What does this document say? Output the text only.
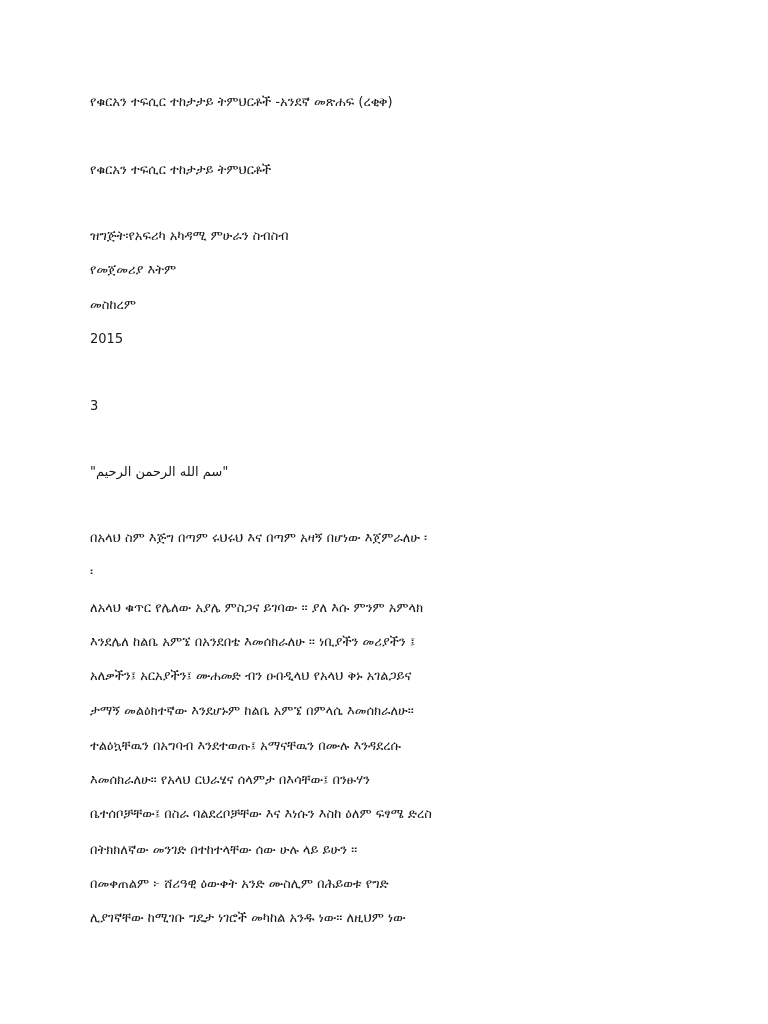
የቁርአን ተፍሲር ተከታታይ ትምህርቶች -አንደኛ መጽሐፍ (ረቂቅ)

የቁርአን ተፍሲር ተከታታይ ትምህርቶች

ዝግጅት፡የአፍሪካ አካዳሚ ምሁራን ስብስብ

የመጀመሪያ እትም

መስከረም

2015

3

"سم الله الرحمن الرحيم"

በአላህ ስም እጅግ በጣም ሩህሩህ እና በጣም አዛኝ በሆነው እጀምራለሁ ፡

፡

ለአላህ ቁጥር የሌለው አያሌ ምስጋና ይገባው ። ያለ እሱ ምንም አምላክ

እንደሌለ ከልቤ አምኜ በአንደበቴ እመሰክራለሁ ። ነቢያችን መሪያችን ፤

አለቃችን፤ አርአያችን፤ ሙሐመድ ብን ዑበዲላህ የአላህ ቅኑ አገልጋይና

ታማኝ መልዕክተኛው እንደሆኑም ከልቤ አምኜ በምላሴ እመሰክራለሁ።

ተልዕኳቸዉን በአግባብ እንደተወጡ፤ አማናቸዉን በሙሉ እንዳደረሱ

እመሰክራለሁ። የአላህ ርህራሄና ሰላምታ በእሳቸው፤ በንፁሃን

ቤተሰቦቻቸው፤ በስራ ባልደረቦቻቸው እና እነሱን እስከ ዕለም ፍፃሜ ድረስ

በትክክለኛው መንገድ በተከተላቸው ሰው ሁሉ ላይ ይሁን ።

በመቀጠልም ፦ ሸሪዓዊ ዕውቀት አንድ ሙስሊም በሕይወቱ የግድ

ሊያገኛቸው ከሚገቡ ግዴታ ነገሮች መካከል አንዱ ነው። ለዚህም ነው
